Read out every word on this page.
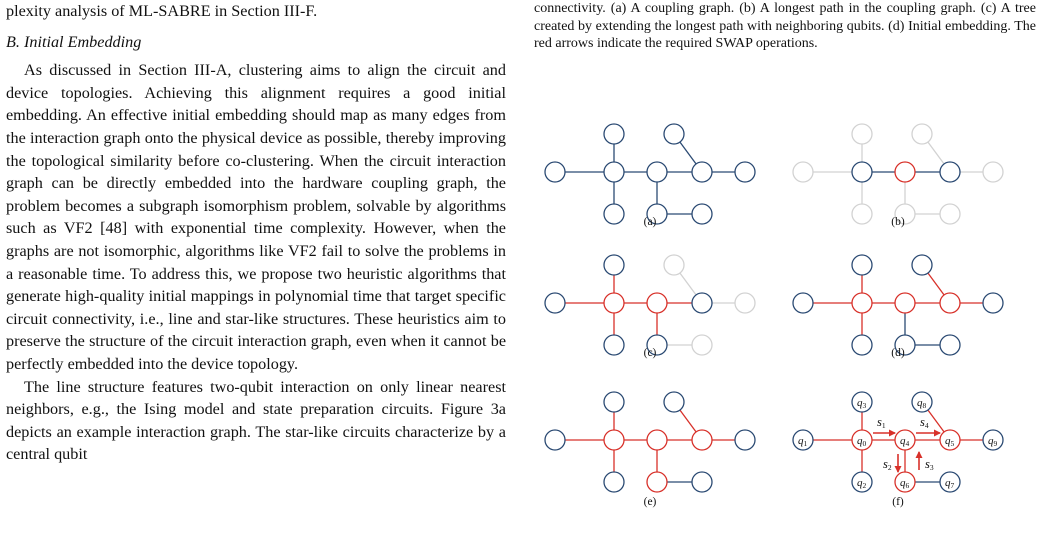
plexity analysis of ML-SABRE in Section III-F.

B. Initial Embedding

As discussed in Section III-A, clustering aims to align the circuit and device topologies. Achieving this alignment requires a good initial embedding. An effective initial embedding should map as many edges from the interaction graph onto the physical device as possible, thereby improving the topological similarity before co-clustering. When the circuit interaction graph can be directly embedded into the hardware coupling graph, the problem becomes a subgraph isomorphism problem, solvable by algorithms such as VF2 [48] with exponential time complexity. However, when the graphs are not isomorphic, algorithms like VF2 fail to solve the problems in a reasonable time. To address this, we propose two heuristic algorithms that generate high-quality initial mappings in polynomial time that target specific circuit connectivity, i.e., line and star-like structures. These heuristics aim to preserve the structure of the circuit interaction graph, even when it cannot be perfectly embedded into the device topology.

The line structure features two-qubit interaction on only linear nearest neighbors, e.g., the Ising model and state preparation circuits. Figure 3a depicts an example interaction graph. The star-like circuits characterize by a central qubit

connectivity. (a) A coupling graph. (b) A longest path in the coupling graph. (c) A tree created by extending the longest path with neighboring qubits. (d) Initial embedding. The red arrows indicate the required SWAP operations.

(a)	(b)
(c)	(d)
(e)	(f)
q3	q8
q1	q0	q4	q5	q9
q2	q6	q7
s1	s4
s2	s3
